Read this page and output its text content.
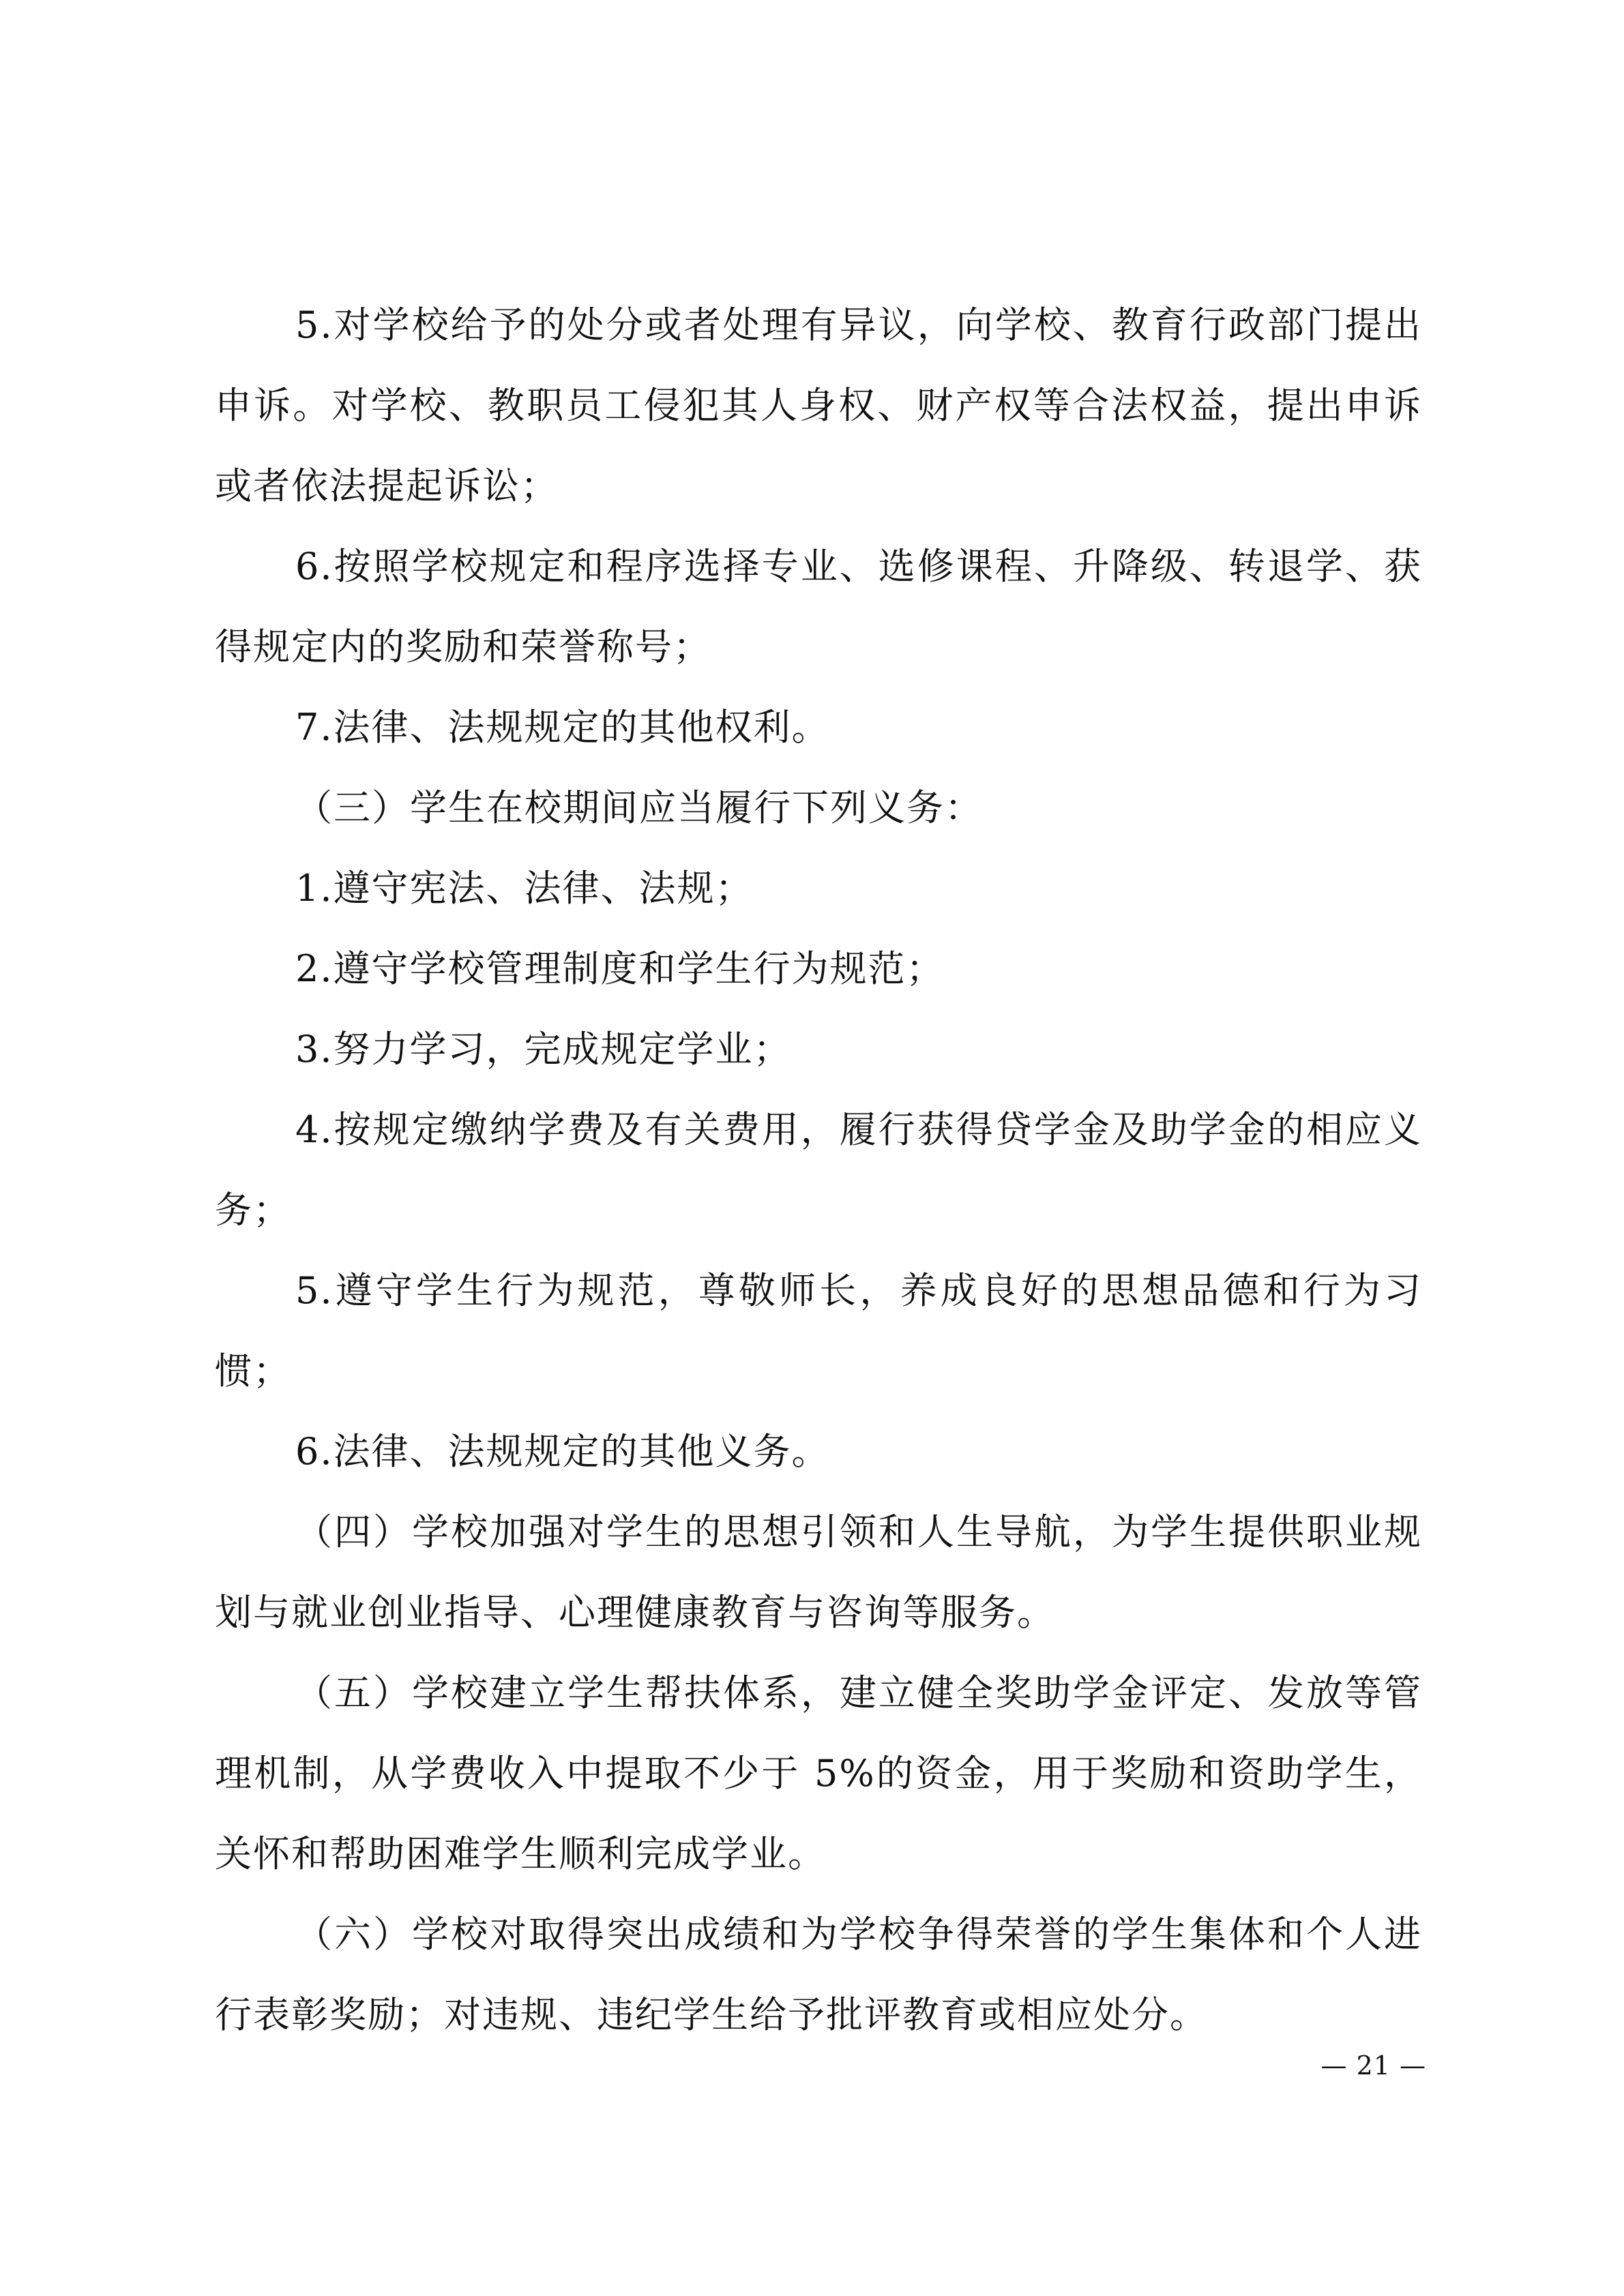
5.对学校给予的处分或者处理有异议，向学校、教育行政部门提出申诉。对学校、教职员工侵犯其人身权、财产权等合法权益，提出申诉或者依法提起诉讼；

6.按照学校规定和程序选择专业、选修课程、升降级、转退学、获得规定内的奖励和荣誉称号；

7.法律、法规规定的其他权利。

（三）学生在校期间应当履行下列义务：

1.遵守宪法、法律、法规；

2.遵守学校管理制度和学生行为规范；

3.努力学习，完成规定学业；

4.按规定缴纳学费及有关费用，履行获得贷学金及助学金的相应义务；

5.遵守学生行为规范，尊敬师长，养成良好的思想品德和行为习惯；

6.法律、法规规定的其他义务。

（四）学校加强对学生的思想引领和人生导航，为学生提供职业规划与就业创业指导、心理健康教育与咨询等服务。

（五）学校建立学生帮扶体系，建立健全奖助学金评定、发放等管理机制，从学费收入中提取不少于 5%的资金，用于奖励和资助学生，关怀和帮助困难学生顺利完成学业。

（六）学校对取得突出成绩和为学校争得荣誉的学生集体和个人进行表彰奖励；对违规、违纪学生给予批评教育或相应处分。

— 21 —
